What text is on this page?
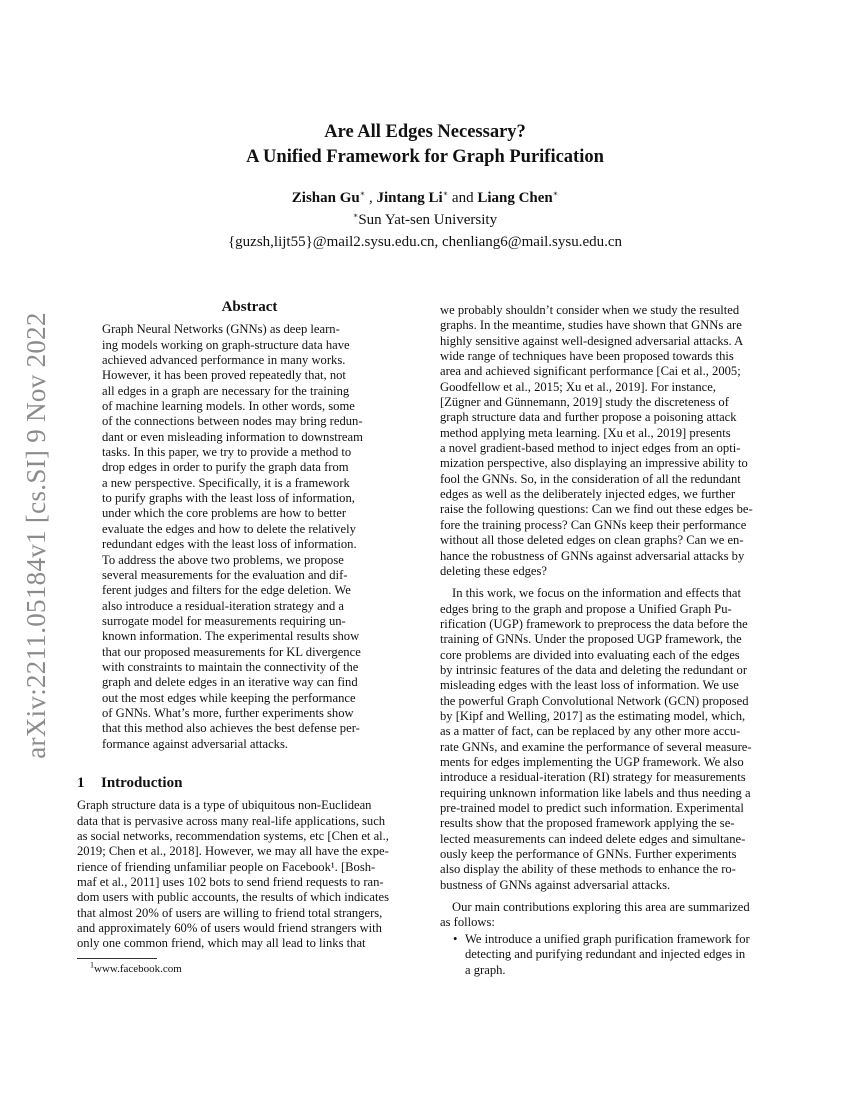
arXiv:2211.05184v1 [cs.SI] 9 Nov 2022
Are All Edges Necessary?
A Unified Framework for Graph Purification
Zishan Gu∗ , Jintang Li∗ and Liang Chen∗
∗Sun Yat-sen University
{guzsh,lijt55}@mail2.sysu.edu.cn, chenliang6@mail.sysu.edu.cn
Abstract

Graph Neural Networks (GNNs) as deep learn-

ing models working on graph-structure data have

achieved advanced performance in many works.

However, it has been proved repeatedly that, not

all edges in a graph are necessary for the training

of machine learning models. In other words, some

of the connections between nodes may bring redun-

dant or even misleading information to downstream

tasks. In this paper, we try to provide a method to

drop edges in order to purify the graph data from

a new perspective. Specifically, it is a framework

to purify graphs with the least loss of information,

under which the core problems are how to better

evaluate the edges and how to delete the relatively

redundant edges with the least loss of information.

To address the above two problems, we propose

several measurements for the evaluation and dif-

ferent judges and filters for the edge deletion. We

also introduce a residual-iteration strategy and a

surrogate model for measurements requiring un-

known information. The experimental results show

that our proposed measurements for KL divergence

with constraints to maintain the connectivity of the

graph and delete edges in an iterative way can find

out the most edges while keeping the performance

of GNNs. What’s more, further experiments show

that this method also achieves the best defense per-

formance against adversarial attacks.

1 Introduction

Graph structure data is a type of ubiquitous non-Euclidean

data that is pervasive across many real-life applications, such

as social networks, recommendation systems, etc [Chen et al.,

2019; Chen et al., 2018]. However, we may all have the expe-

rience of friending unfamiliar people on Facebook¹. [Bosh-

maf et al., 2011] uses 102 bots to send friend requests to ran-

dom users with public accounts, the results of which indicates

that almost 20% of users are willing to friend total strangers,

and approximately 60% of users would friend strangers with

only one common friend, which may all lead to links that

$^1$www.facebook.com

we probably shouldn’t consider when we study the resulted

graphs. In the meantime, studies have shown that GNNs are

highly sensitive against well-designed adversarial attacks. A

wide range of techniques have been proposed towards this

area and achieved significant performance [Cai et al., 2005;

Goodfellow et al., 2015; Xu et al., 2019]. For instance,

[Zügner and Günnemann, 2019] study the discreteness of

graph structure data and further propose a poisoning attack

method applying meta learning. [Xu et al., 2019] presents

a novel gradient-based method to inject edges from an opti-

mization perspective, also displaying an impressive ability to

fool the GNNs. So, in the consideration of all the redundant

edges as well as the deliberately injected edges, we further

raise the following questions: Can we find out these edges be-

fore the training process? Can GNNs keep their performance

without all those deleted edges on clean graphs? Can we en-

hance the robustness of GNNs against adversarial attacks by

deleting these edges?

In this work, we focus on the information and effects that

edges bring to the graph and propose a Unified Graph Pu-

rification (UGP) framework to preprocess the data before the

training of GNNs. Under the proposed UGP framework, the

core problems are divided into evaluating each of the edges

by intrinsic features of the data and deleting the redundant or

misleading edges with the least loss of information. We use

the powerful Graph Convolutional Network (GCN) proposed

by [Kipf and Welling, 2017] as the estimating model, which,

as a matter of fact, can be replaced by any other more accu-

rate GNNs, and examine the performance of several measure-

ments for edges implementing the UGP framework. We also

introduce a residual-iteration (RI) strategy for measurements

requiring unknown information like labels and thus needing a

pre-trained model to predict such information. Experimental

results show that the proposed framework applying the se-

lected measurements can indeed delete edges and simultane-

ously keep the performance of GNNs. Further experiments

also display the ability of these methods to enhance the ro-

bustness of GNNs against adversarial attacks.

Our main contributions exploring this area are summarized

as follows:

• We introduce a unified graph purification framework for
detecting and purifying redundant and injected edges in
a graph.
